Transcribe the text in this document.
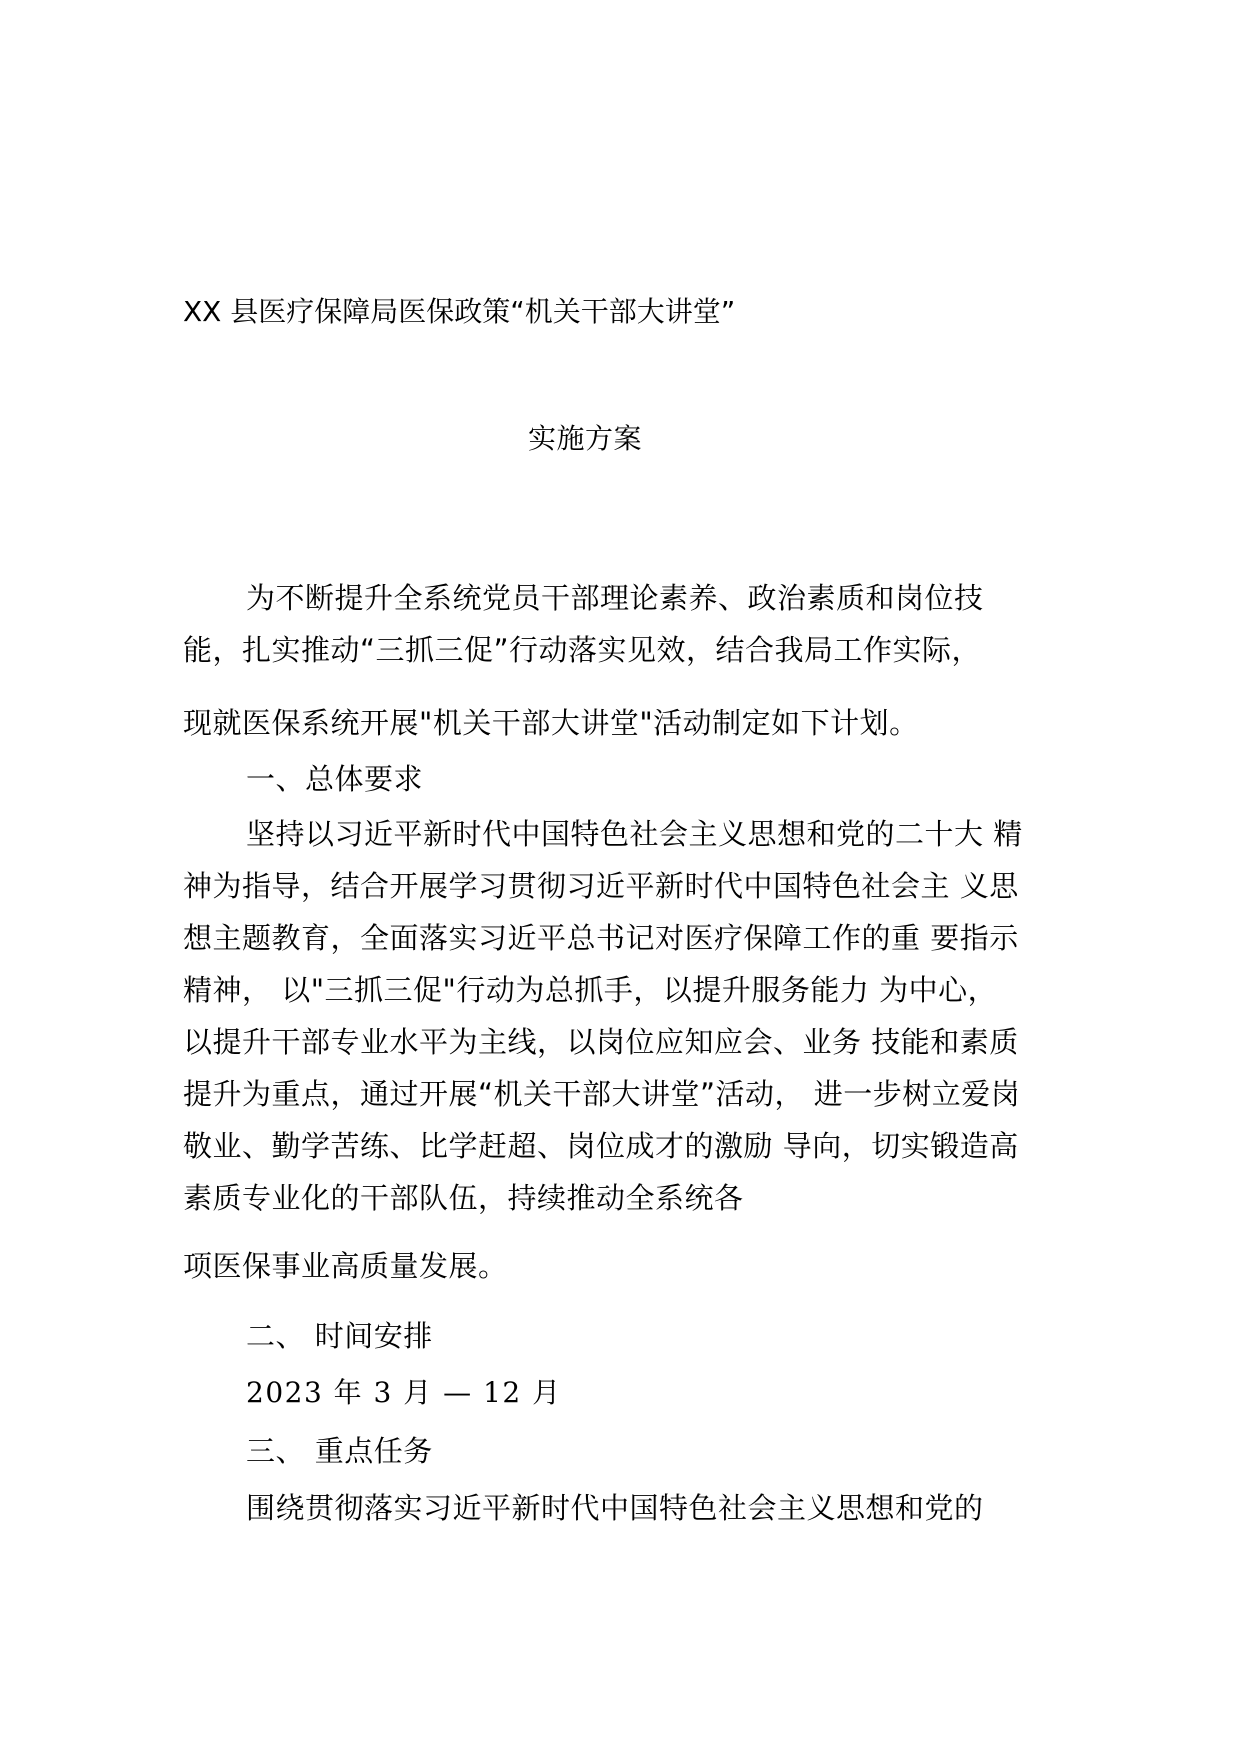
XX 县医疗保障局医保政策“机关干部大讲堂”
实施方案
为不断提升全系统党员干部理论素养、政治素质和岗位技
能，扎实推动“三抓三促”行动落实见效，结合我局工作实际，
现就医保系统开展"机关干部大讲堂"活动制定如下计划。
一、总体要求
坚持以习近平新时代中国特色社会主义思想和党的二十大 精
神为指导，结合开展学习贯彻习近平新时代中国特色社会主 义思
想主题教育，全面落实习近平总书记对医疗保障工作的重 要指示
精神， 以"三抓三促"行动为总抓手，以提升服务能力 为中心，
以提升干部专业水平为主线，以岗位应知应会、业务 技能和素质
提升为重点，通过开展“机关干部大讲堂”活动， 进一步树立爱岗
敬业、勤学苦练、比学赶超、岗位成才的激励 导向，切实锻造高
素质专业化的干部队伍，持续推动全系统各
项医保事业高质量发展。
二、 时间安排
2023 年 3 月 — 12 月
三、 重点任务
围绕贯彻落实习近平新时代中国特色社会主义思想和党的
